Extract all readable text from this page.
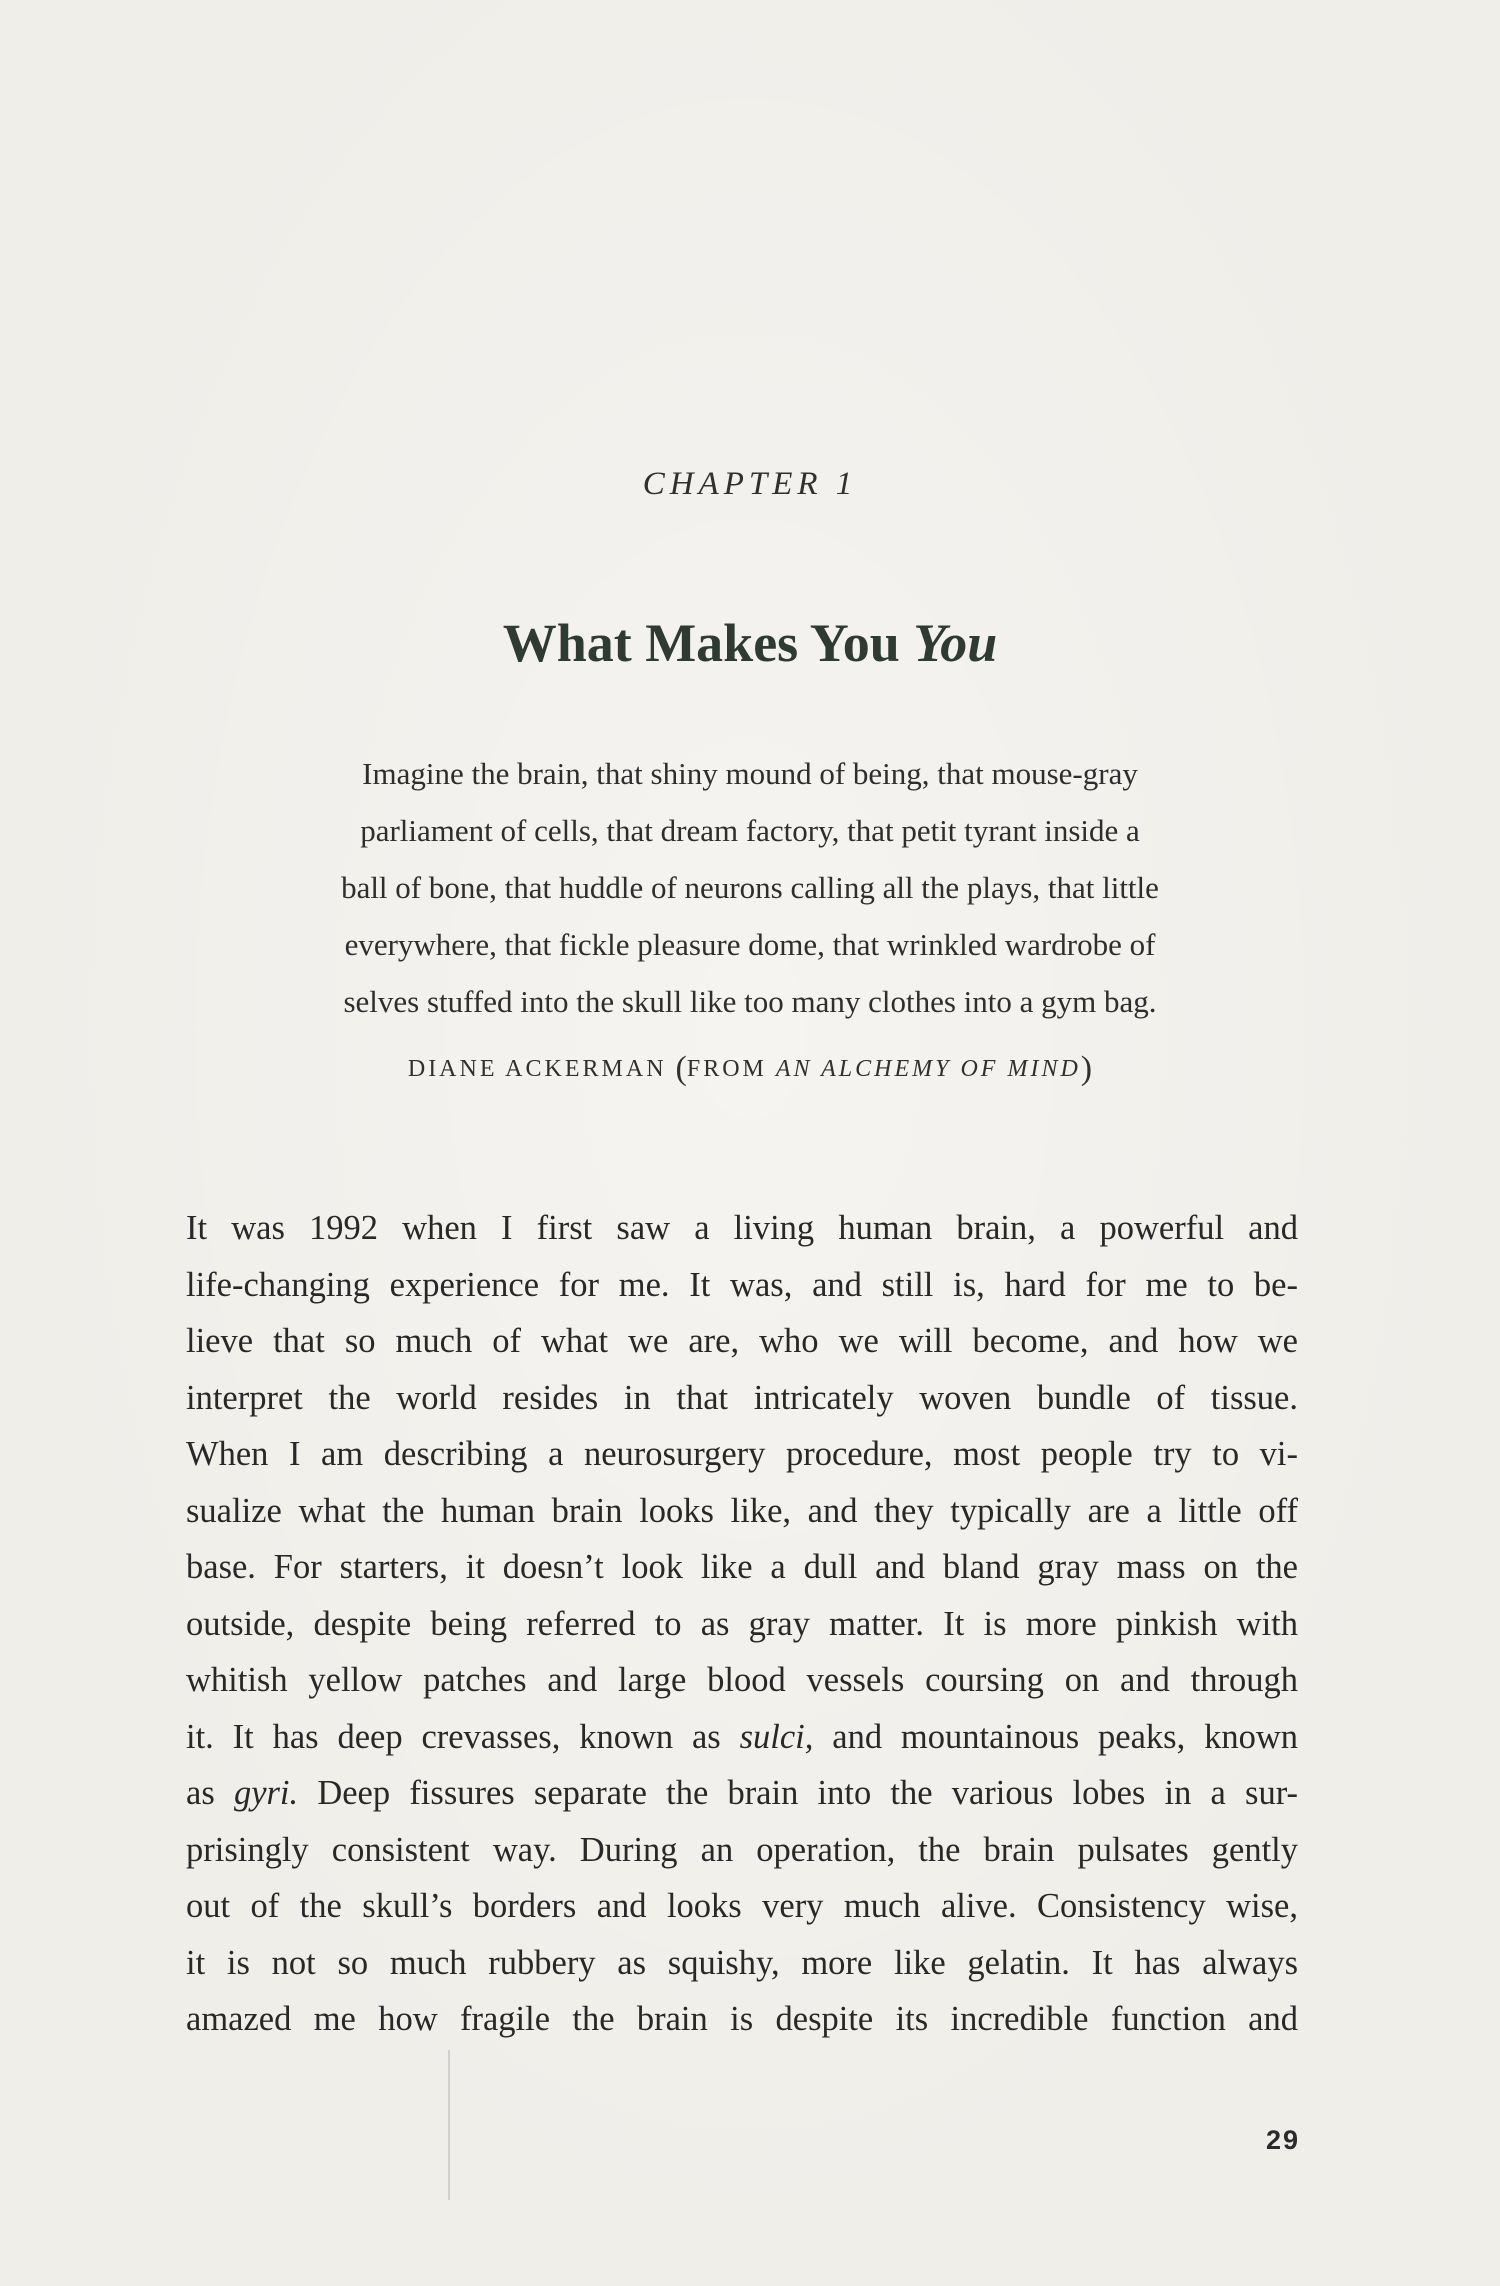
CHAPTER 1
What Makes You You
Imagine the brain, that shiny mound of being, that mouse-gray
parliament of cells, that dream factory, that petit tyrant inside a
ball of bone, that huddle of neurons calling all the plays, that little
everywhere, that fickle pleasure dome, that wrinkled wardrobe of
selves stuffed into the skull like too many clothes into a gym bag.
DIANE ACKERMAN (FROM AN ALCHEMY OF MIND)
It was 1992 when I first saw a living human brain, a powerful and
life-changing experience for me. It was, and still is, hard for me to be-
lieve that so much of what we are, who we will become, and how we
interpret the world resides in that intricately woven bundle of tissue.
When I am describing a neurosurgery procedure, most people try to vi-
sualize what the human brain looks like, and they typically are a little off
base. For starters, it doesn’t look like a dull and bland gray mass on the
outside, despite being referred to as gray matter. It is more pinkish with
whitish yellow patches and large blood vessels coursing on and through
it. It has deep crevasses, known as sulci, and mountainous peaks, known
as gyri. Deep fissures separate the brain into the various lobes in a sur-
prisingly consistent way. During an operation, the brain pulsates gently
out of the skull’s borders and looks very much alive. Consistency wise,
it is not so much rubbery as squishy, more like gelatin. It has always
amazed me how fragile the brain is despite its incredible function and
29
